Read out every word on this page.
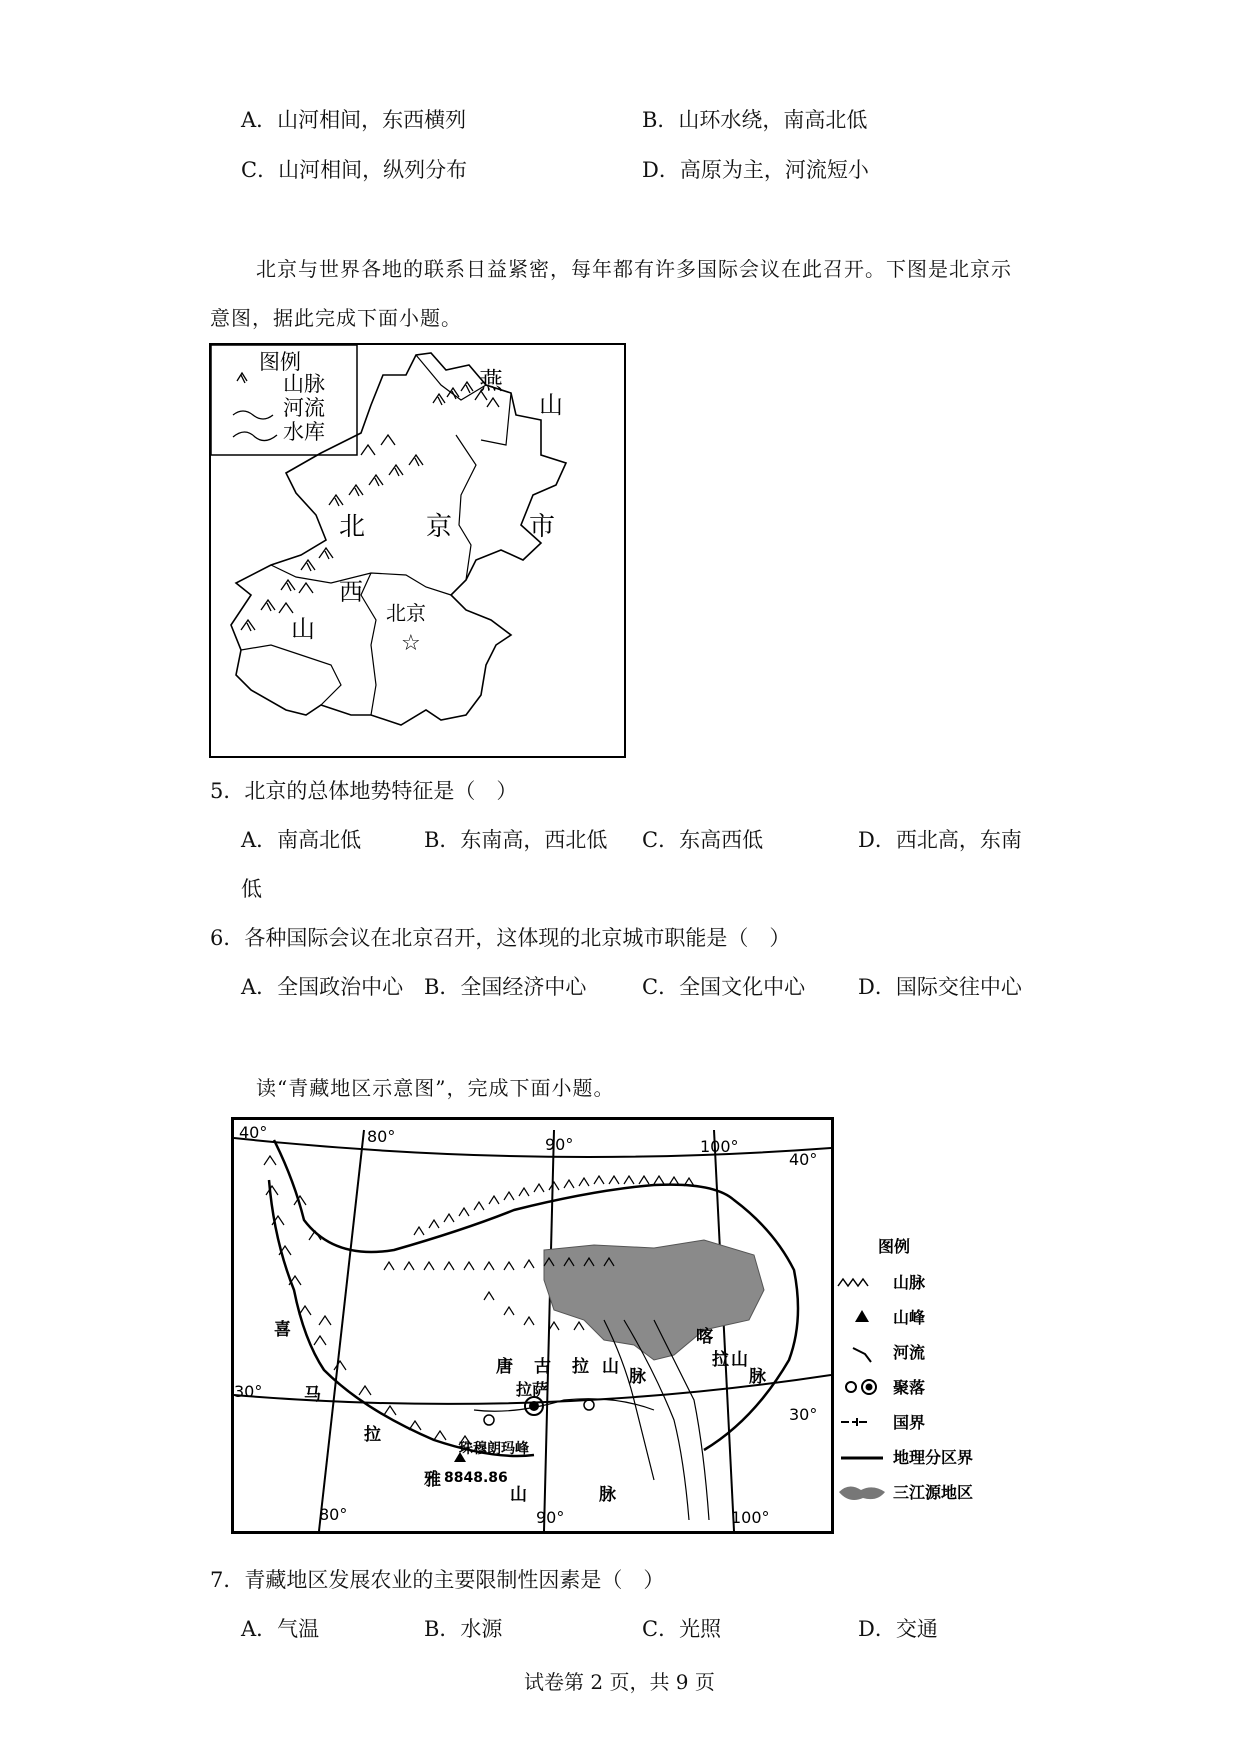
A．山河相间，东西横列	B．山环水绕，南高北低
C．山河相间，纵列分布	D．高原为主，河流短小
北京与世界各地的联系日益紧密，每年都有许多国际会议在此召开。下图是北京示
意图，据此完成下面小题。
图例
山脉
河流
水库
燕
山
北 京	市
西
山
北京
☆
5．北京的总体地势特征是（　）
A．南高北低	B．东南高，西北低 C．东高西低	D．西北高，东南
低
6．各种国际会议在北京召开，这体现的北京城市职能是（　）
A．全国政治中心 B．全国经济中心	C．全国文化中心	D．国际交往中心
读“青藏地区示意图”，完成下面小题。
40°
40°
30°
30°
80°	90°	100°
80°	90°	100°
喜
马
拉
雅
山	脉
唐 古 拉 山 脉
拉萨
珠穆朗玛峰
8848.86
喀
拉 山
脉
图例
山脉
山峰
河流
聚落
国界
地理分区界
三江源地区
7．青藏地区发展农业的主要限制性因素是（　）
A．气温	B．水源	C．光照	D．交通
试卷第 2 页，共 9 页
